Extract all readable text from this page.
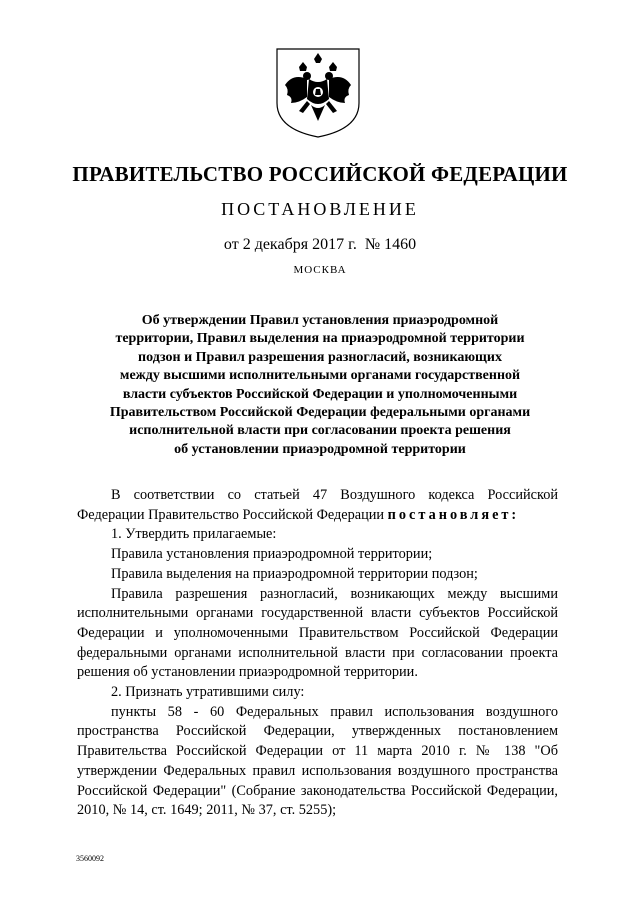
ПРАВИТЕЛЬСТВО РОССИЙСКОЙ ФЕДЕРАЦИИ
ПОСТАНОВЛЕНИЕ
от 2 декабря 2017 г.  № 1460
МОСКВА
Об утверждении Правил установления приаэродромной
территории, Правил выделения на приаэродромной территории
подзон и Правил разрешения разногласий, возникающих
между высшими исполнительными органами государственной
власти субъектов Российской Федерации и уполномоченными
Правительством Российской Федерации федеральными органами
исполнительной власти при согласовании проекта решения
об установлении приаэродромной территории
В соответствии со статьей 47 Воздушного кодекса Российской Федерации Правительство Российской Федерации постановляет:
1. Утвердить прилагаемые:
Правила установления приаэродромной территории;
Правила выделения на приаэродромной территории подзон;
Правила разрешения разногласий, возникающих между высшими исполнительными органами государственной власти субъектов Российской Федерации и уполномоченными Правительством Российской Федерации федеральными органами исполнительной власти при согласовании проекта решения об установлении приаэродромной территории.
2. Признать утратившими силу:
пункты 58 - 60 Федеральных правил использования воздушного пространства Российской Федерации, утвержденных постановлением Правительства Российской Федерации от 11 марта 2010 г. № 138 "Об утверждении Федеральных правил использования воздушного пространства Российской Федерации" (Собрание законодательства Российской Федерации, 2010, № 14, ст. 1649; 2011, № 37, ст. 5255);
3560092
